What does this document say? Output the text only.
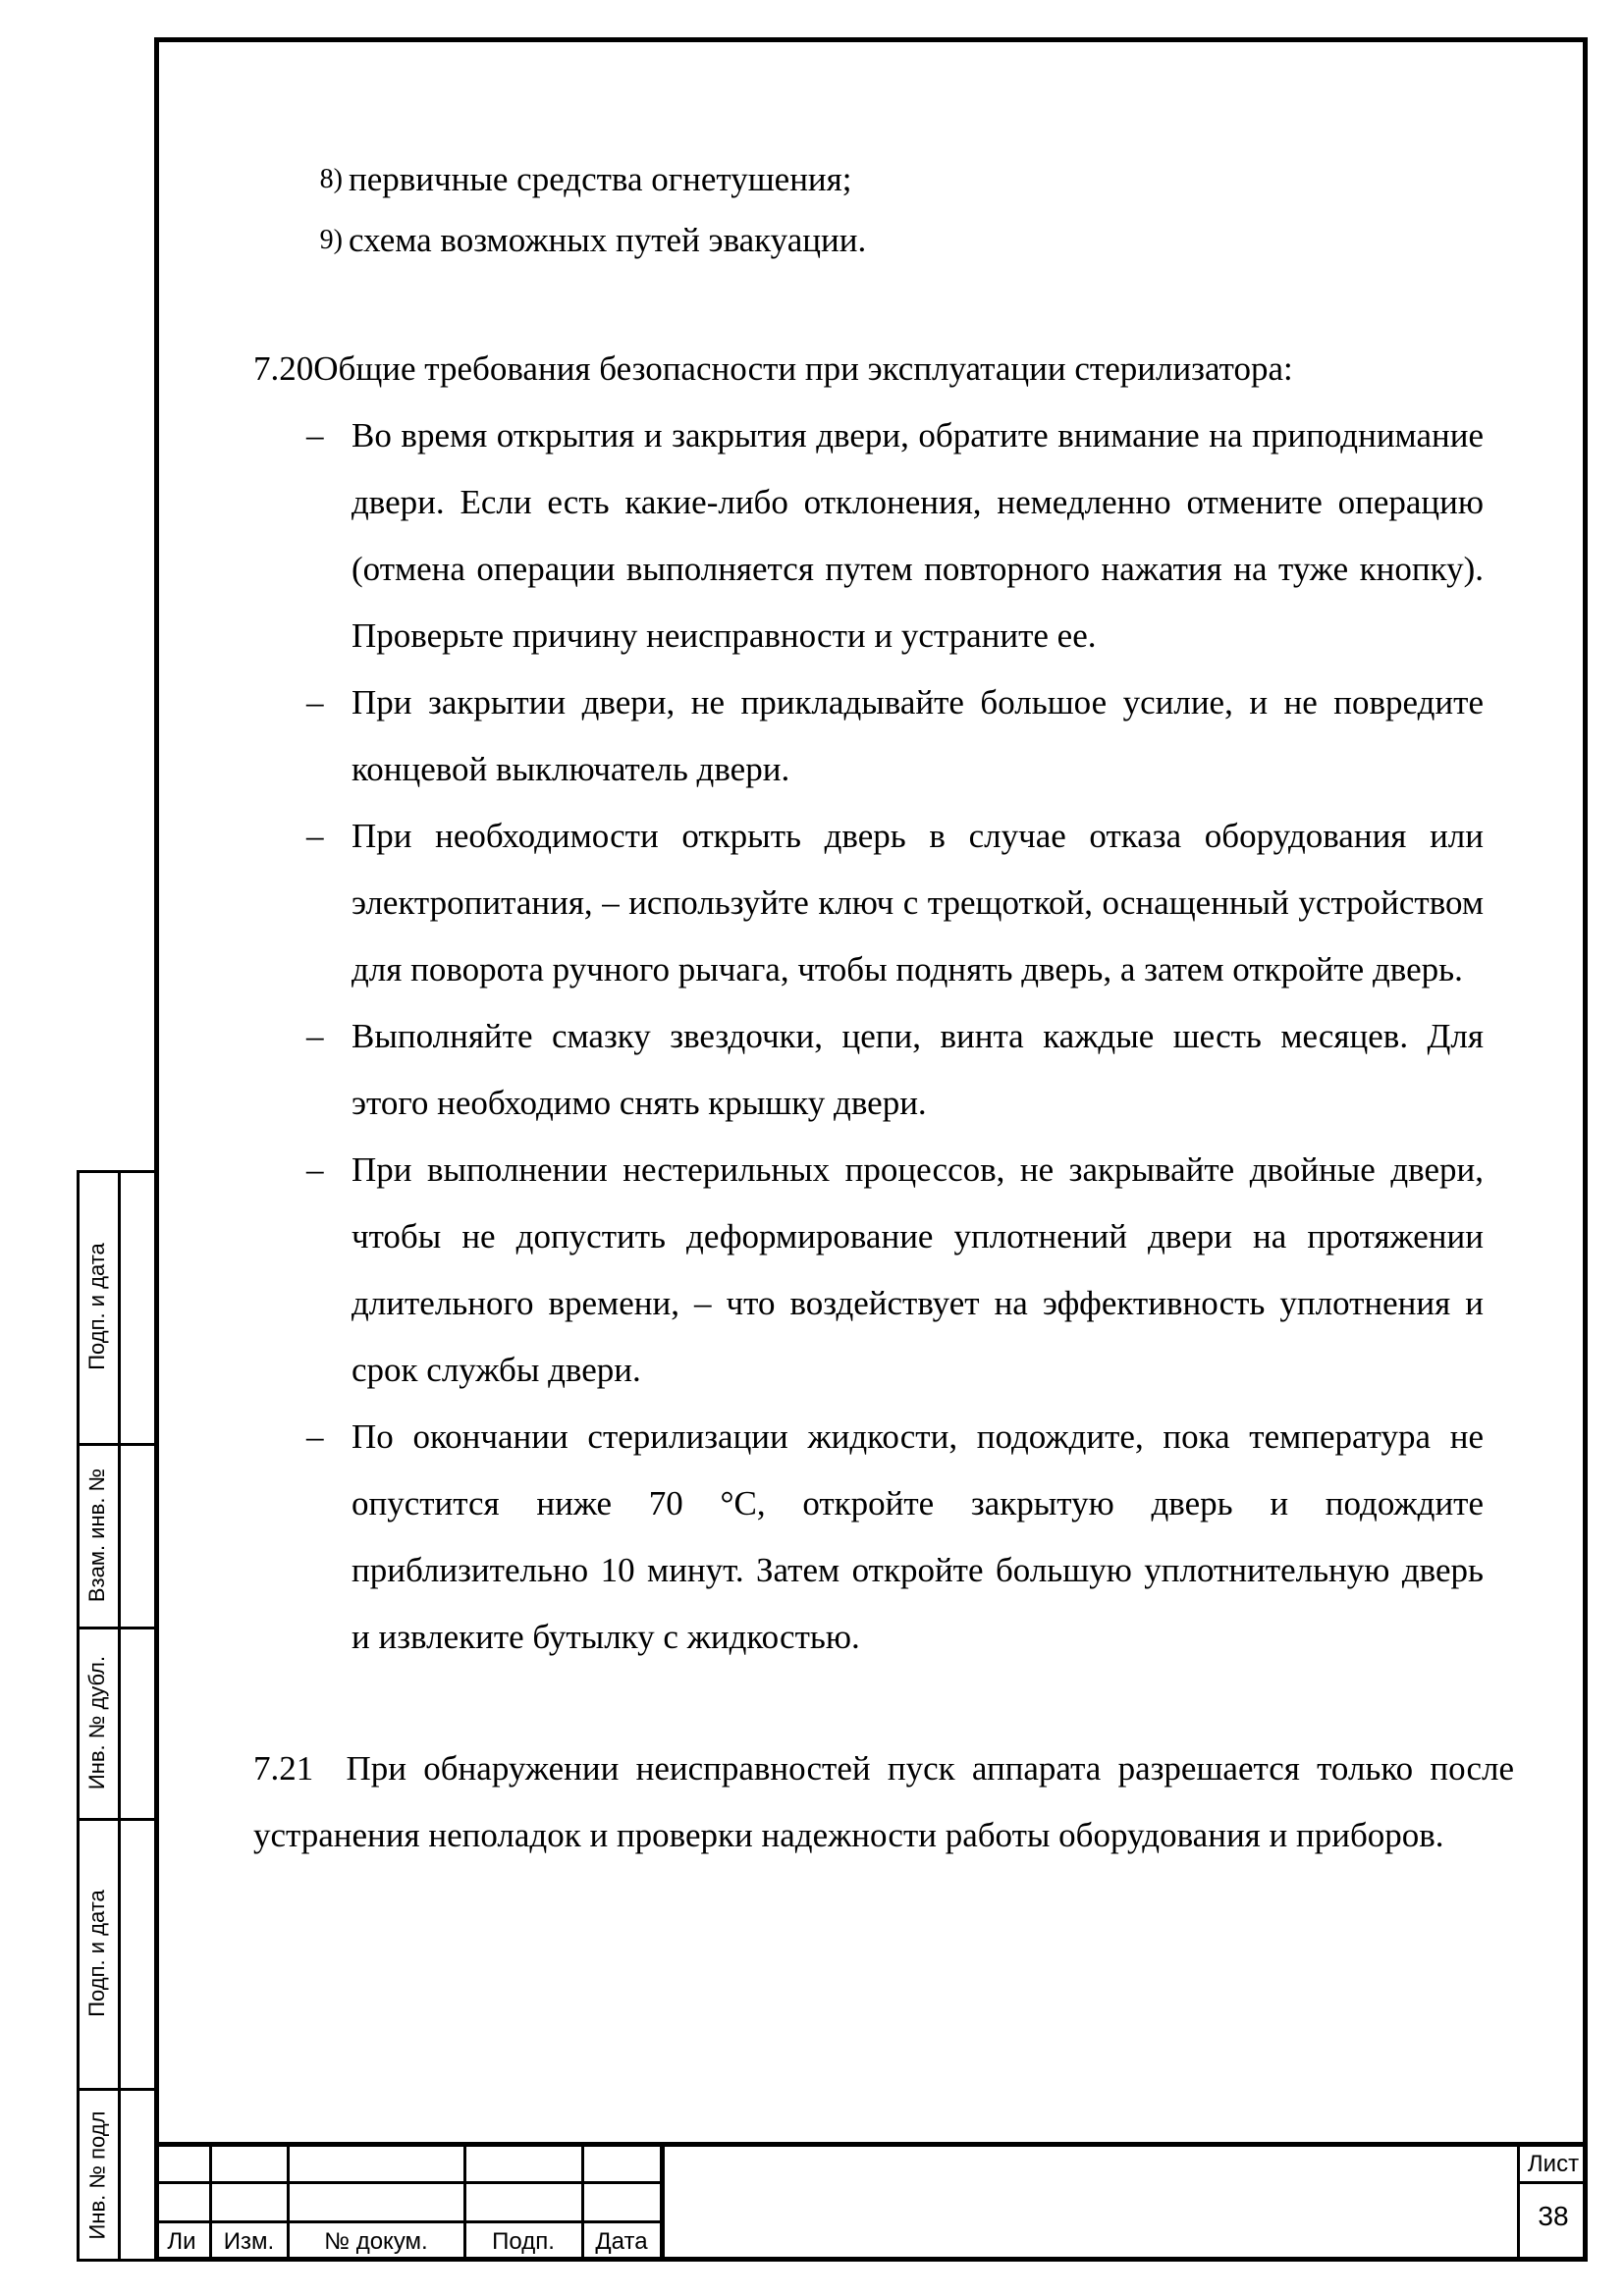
8) первичные средства огнетушения;
9) схема возможных путей эвакуации.
7.20Общие требования безопасности при эксплуатации стерилизатора:
– Во время открытия и закрытия двери, обратите внимание на приподнимание двери. Если есть какие-либо отклонения, немедленно отмените операцию (отмена операции выполняется путем повторного нажатия на туже кнопку). Проверьте причину неисправности и устраните ее.
– При закрытии двери, не прикладывайте большое усилие, и не повредите концевой выключатель двери.
– При необходимости открыть дверь в случае отказа оборудования или электропитания, – используйте ключ с трещоткой, оснащенный устройством для поворота ручного рычага, чтобы поднять дверь, а затем откройте дверь.
– Выполняйте смазку звездочки, цепи, винта каждые шесть месяцев. Для этого необходимо снять крышку двери.
– При выполнении нестерильных процессов, не закрывайте двойные двери, чтобы не допустить деформирование уплотнений двери на протяжении длительного времени, – что воздействует на эффективность уплотнения и срок службы двери.
– По окончании стерилизации жидкости, подождите, пока температура не опустится ниже 70 °С, откройте закрытую дверь и подождите приблизительно 10 минут. Затем откройте большую уплотнительную дверь и извлеките бутылку с жидкостью.
7.21 При обнаружении неисправностей пуск аппарата разрешается только после устранения неполадок и проверки надежности работы оборудования и приборов.
Подп. и дата
Взам. инв. №
Инв. № дубл.
Подп. и дата
Инв. № подл
Ли	Изм.	№ докум.	Подп.	Дата
Лист
38
